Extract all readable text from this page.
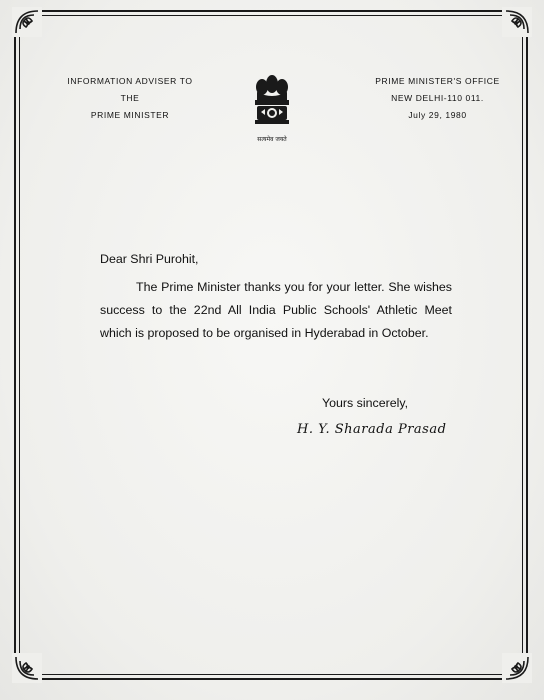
INFORMATION ADVISER TO THE
PRIME MINISTER
सत्यमेव जयते
PRIME MINISTER'S OFFICE
NEW DELHI-110 011.
July 29, 1980

Dear Shri Purohit,

The Prime Minister thanks you for your letter. She wishes success to the 22nd All India Public Schools' Athletic Meet which is proposed to be organised in Hyderabad in October.

Yours sincerely,
H. Y. Sharada Prasad
